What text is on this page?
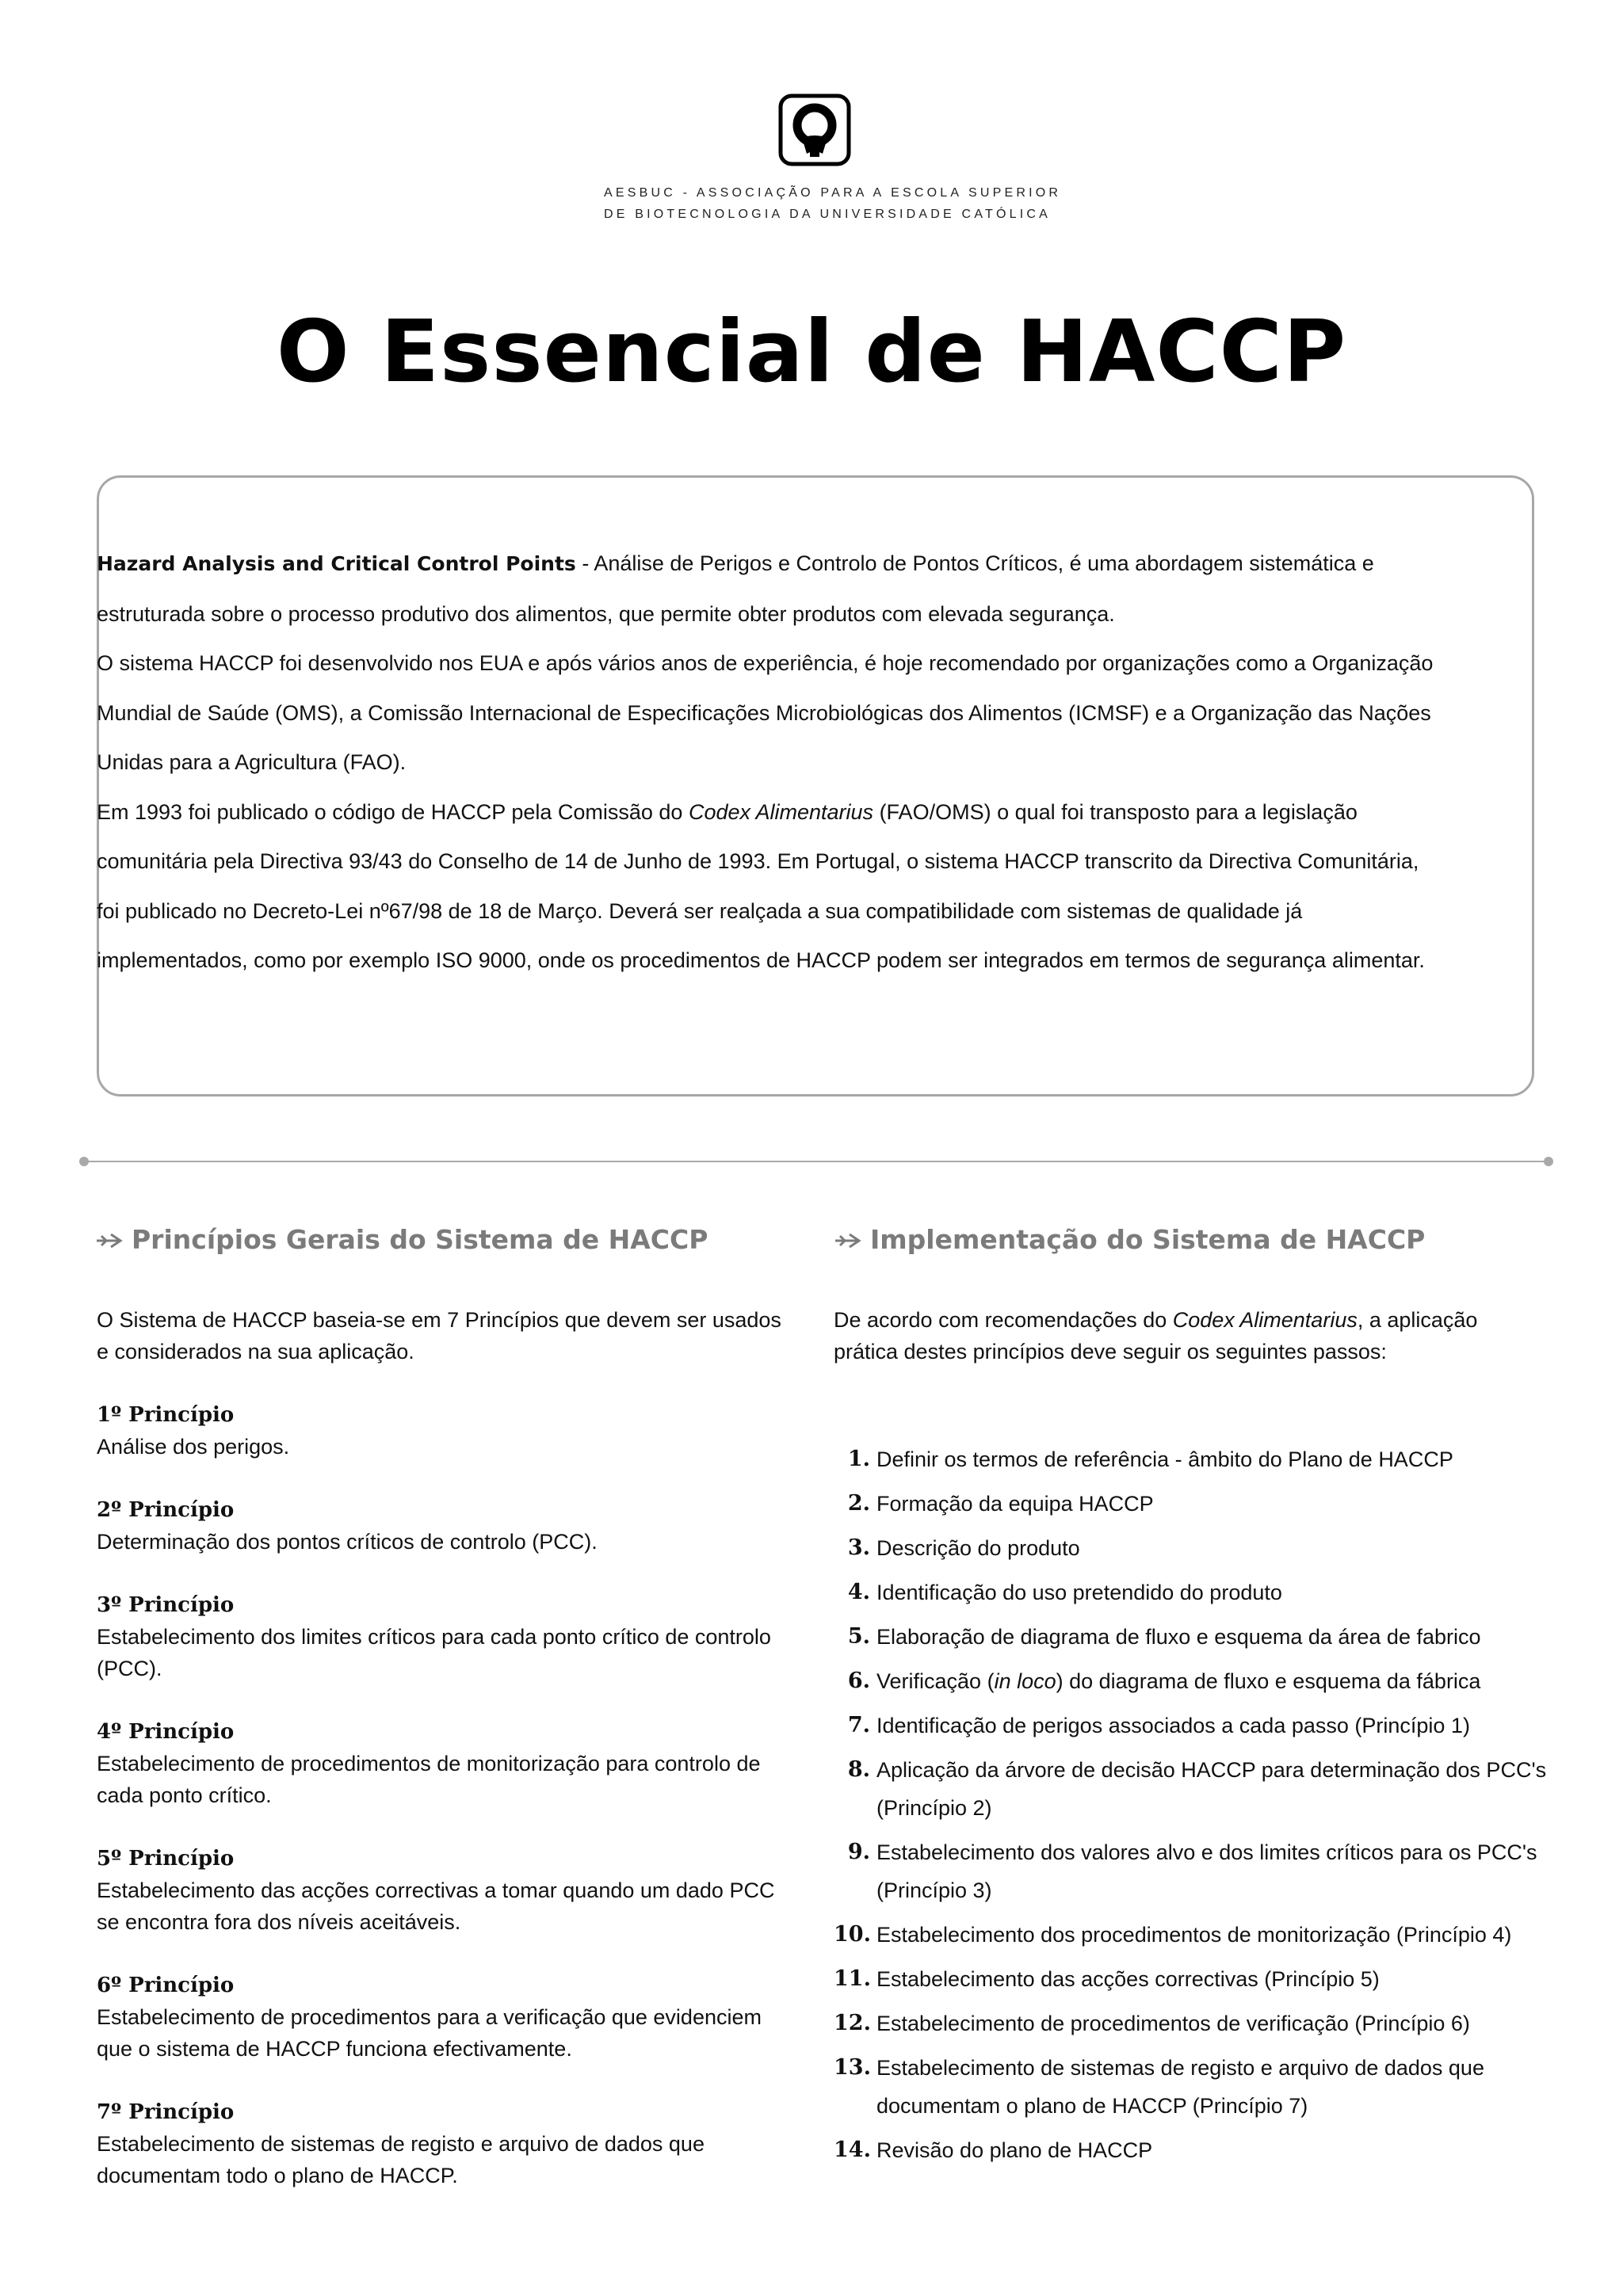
AESBUC - ASSOCIAÇÃO PARA A ESCOLA SUPERIOR
DE BIOTECNOLOGIA DA UNIVERSIDADE CATÓLICA
O Essencial de HACCP

Hazard Analysis and Critical Control Points - Análise de Perigos e Controlo de Pontos Críticos, é uma abordagem sistemática e estruturada sobre o processo produtivo dos alimentos, que permite obter produtos com elevada segurança.

O sistema HACCP foi desenvolvido nos EUA e após vários anos de experiência, é hoje recomendado por organizações como a Organização Mundial de Saúde (OMS), a Comissão Internacional de Especificações Microbiológicas dos Alimentos (ICMSF) e a Organização das Nações Unidas para a Agricultura (FAO).

Em 1993 foi publicado o código de HACCP pela Comissão do Codex Alimentarius (FAO/OMS) o qual foi transposto para a legislação comunitária pela Directiva 93/43 do Conselho de 14 de Junho de 1993. Em Portugal, o sistema HACCP transcrito da Directiva Comunitária, foi publicado no Decreto-Lei nº67/98 de 18 de Março. Deverá ser realçada a sua compatibilidade com sistemas de qualidade já implementados, como por exemplo ISO 9000, onde os procedimentos de HACCP podem ser integrados em termos de segurança alimentar.

Princípios Gerais do Sistema de HACCP	Implementação do Sistema de HACCP

O Sistema de HACCP baseia-se em 7 Princípios que devem ser usados e considerados na sua aplicação.

1º Princípio
Análise dos perigos.
2º Princípio
Determinação dos pontos críticos de controlo (PCC).
3º Princípio
Estabelecimento dos limites críticos para cada ponto crítico de controlo (PCC).
4º Princípio
Estabelecimento de procedimentos de monitorização para controlo de cada ponto crítico.
5º Princípio
Estabelecimento das acções correctivas a tomar quando um dado PCC se encontra fora dos níveis aceitáveis.
6º Princípio
Estabelecimento de procedimentos para a verificação que evidenciem que o sistema de HACCP funciona efectivamente.
7º Princípio
Estabelecimento de sistemas de registo e arquivo de dados que documentam todo o plano de HACCP.

De acordo com recomendações do Codex Alimentarius, a aplicação prática destes princípios deve seguir os seguintes passos:

1. Definir os termos de referência - âmbito do Plano de HACCP
2. Formação da equipa HACCP
3. Descrição do produto
4. Identificação do uso pretendido do produto
5. Elaboração de diagrama de fluxo e esquema da área de fabrico
6. Verificação (in loco) do diagrama de fluxo e esquema da fábrica
7. Identificação de perigos associados a cada passo (Princípio 1)
8. Aplicação da árvore de decisão HACCP para determinação dos PCC's (Princípio 2)
9. Estabelecimento dos valores alvo e dos limites críticos para os PCC's (Princípio 3)
10. Estabelecimento dos procedimentos de monitorização (Princípio 4)
11. Estabelecimento das acções correctivas (Princípio 5)
12. Estabelecimento de procedimentos de verificação (Princípio 6)
13. Estabelecimento de sistemas de registo e arquivo de dados que documentam o plano de HACCP (Princípio 7)
14. Revisão do plano de HACCP
